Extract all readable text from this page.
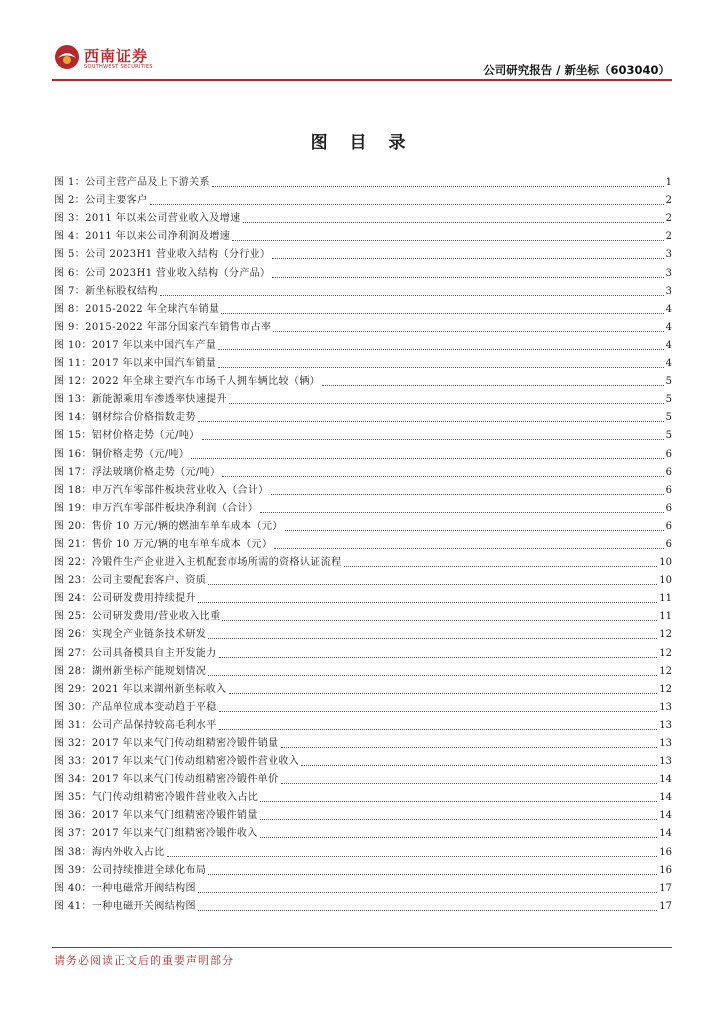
西南证券
SOUTHWEST SECURITIES	公司研究报告 / 新坐标（603040）
图 目 录
图 1：公司主营产品及上下游关系	1
图 2：公司主要客户	2
图 3：2011 年以来公司营业收入及增速	2
图 4：2011 年以来公司净利润及增速	2
图 5：公司 2023H1 营业收入结构（分行业）	3
图 6：公司 2023H1 营业收入结构（分产品）	3
图 7：新坐标股权结构	3
图 8：2015-2022 年全球汽车销量	4
图 9：2015-2022 年部分国家汽车销售市占率	4
图 10：2017 年以来中国汽车产量	4
图 11：2017 年以来中国汽车销量	4
图 12：2022 年全球主要汽车市场千人拥车辆比较（辆）	5
图 13：新能源乘用车渗透率快速提升	5
图 14：钢材综合价格指数走势	5
图 15：铝材价格走势（元/吨）	5
图 16：铜价格走势（元/吨）	6
图 17：浮法玻璃价格走势（元/吨）	6
图 18：申万汽车零部件板块营业收入（合计）	6
图 19：申万汽车零部件板块净利润（合计）	6
图 20：售价 10 万元/辆的燃油车单车成本（元）	6
图 21：售价 10 万元/辆的电车单车成本（元）	6
图 22：冷锻件生产企业进入主机配套市场所需的资格认证流程	10
图 23：公司主要配套客户、资质	10
图 24：公司研发费用持续提升	11
图 25：公司研发费用/营业收入比重	11
图 26：实现全产业链条技术研发	12
图 27：公司具备模具自主开发能力	12
图 28：湖州新坐标产能规划情况	12
图 29：2021 年以来湖州新坐标收入	12
图 30：产品单位成本变动趋于平稳	13
图 31：公司产品保持较高毛利水平	13
图 32：2017 年以来气门传动组精密冷锻件销量	13
图 33：2017 年以来气门传动组精密冷锻件营业收入	13
图 34：2017 年以来气门传动组精密冷锻件单价	14
图 35：气门传动组精密冷锻件营业收入占比	14
图 36：2017 年以来气门组精密冷锻件销量	14
图 37：2017 年以来气门组精密冷锻件收入	14
图 38：海内外收入占比	16
图 39：公司持续推进全球化布局	16
图 40：一种电磁常开阀结构图	17
图 41：一种电磁开关阀结构图	17
请务必阅读正文后的重要声明部分
